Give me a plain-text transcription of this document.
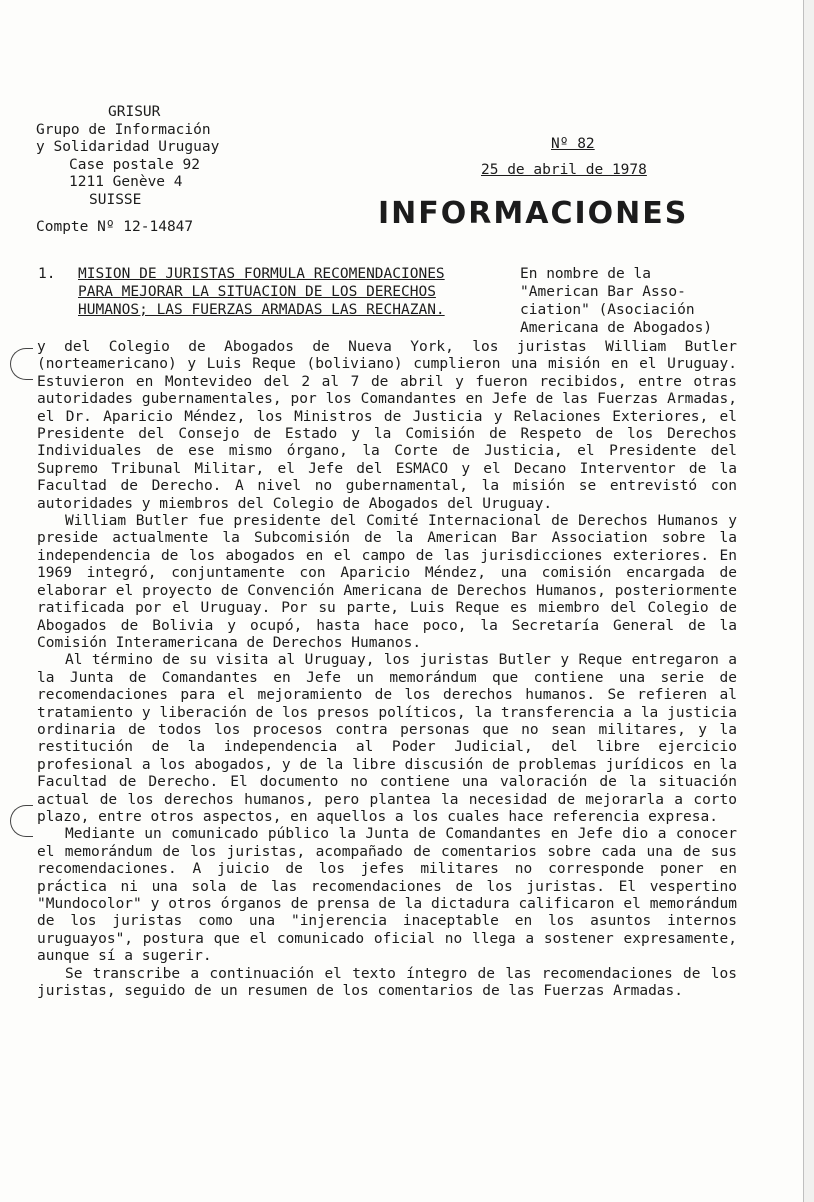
GRISUR
Grupo de Información
y Solidaridad Uruguay
Case postale 92
1211 Genève 4
SUISSE
Compte Nº 12-14847
Nº 82
25 de abril de 1978
INFORMACIONES
1.	MISION DE JURISTAS FORMULA RECOMENDACIONES
PARA MEJORAR LA SITUACION DE LOS DERECHOS
HUMANOS; LAS FUERZAS ARMADAS LAS RECHAZAN.
En nombre de la
"American Bar Asso-
ciation" (Asociación
Americana de Abogados)

y del Colegio de Abogados de Nueva York, los juristas William Butler (norteamericano) y Luis Reque (boliviano) cumplieron una misión en el Uruguay. Estuvieron en Montevideo del 2 al 7 de abril y fueron recibidos, entre otras autoridades gubernamentales, por los Comandantes en Jefe de las Fuerzas Armadas, el Dr. Aparicio Méndez, los Ministros de Justicia y Relaciones Exteriores, el Presidente del Consejo de Estado y la Comisión de Respeto de los Derechos Individuales de ese mismo órgano, la Corte de Justicia, el Presidente del Supremo Tribunal Militar, el Jefe del ESMACO y el Decano Interventor de la Facultad de Derecho. A nivel no gubernamental, la misión se entrevistó con autoridades y miembros del Colegio de Abogados del Uruguay.

William Butler fue presidente del Comité Internacional de Derechos Humanos y preside actualmente la Subcomisión de la American Bar Association sobre la independencia de los abogados en el campo de las jurisdicciones exteriores. En 1969 integró, conjuntamente con Aparicio Méndez, una comisión encargada de elaborar el proyecto de Convención Americana de Derechos Humanos, posteriormente ratificada por el Uruguay. Por su parte, Luis Reque es miembro del Colegio de Abogados de Bolivia y ocupó, hasta hace poco, la Secretaría General de la Comisión Interamericana de Derechos Humanos.

Al término de su visita al Uruguay, los juristas Butler y Reque entregaron a la Junta de Comandantes en Jefe un memorándum que contiene una serie de recomendaciones para el mejoramiento de los derechos humanos. Se refieren al tratamiento y liberación de los presos políticos, la transferencia a la justicia ordinaria de todos los procesos contra personas que no sean militares, y la restitución de la independencia al Poder Judicial, del libre ejercicio profesional a los abogados, y de la libre discusión de problemas jurídicos en la Facultad de Derecho. El documento no contiene una valoración de la situación actual de los derechos humanos, pero plantea la necesidad de mejorarla a corto plazo, entre otros aspectos, en aquellos a los cuales hace referencia expresa.

Mediante un comunicado público la Junta de Comandantes en Jefe dio a conocer el memorándum de los juristas, acompañado de comentarios sobre cada una de sus recomendaciones. A juicio de los jefes militares no corresponde poner en práctica ni una sola de las recomendaciones de los juristas. El vespertino "Mundocolor" y otros órganos de prensa de la dictadura calificaron el memorándum de los juristas como una "injerencia inaceptable en los asuntos internos uruguayos", postura que el comunicado oficial no llega a sostener expresamente, aunque sí a sugerir.

Se transcribe a continuación el texto íntegro de las recomendaciones de los juristas, seguido de un resumen de los comentarios de las Fuerzas Armadas.
